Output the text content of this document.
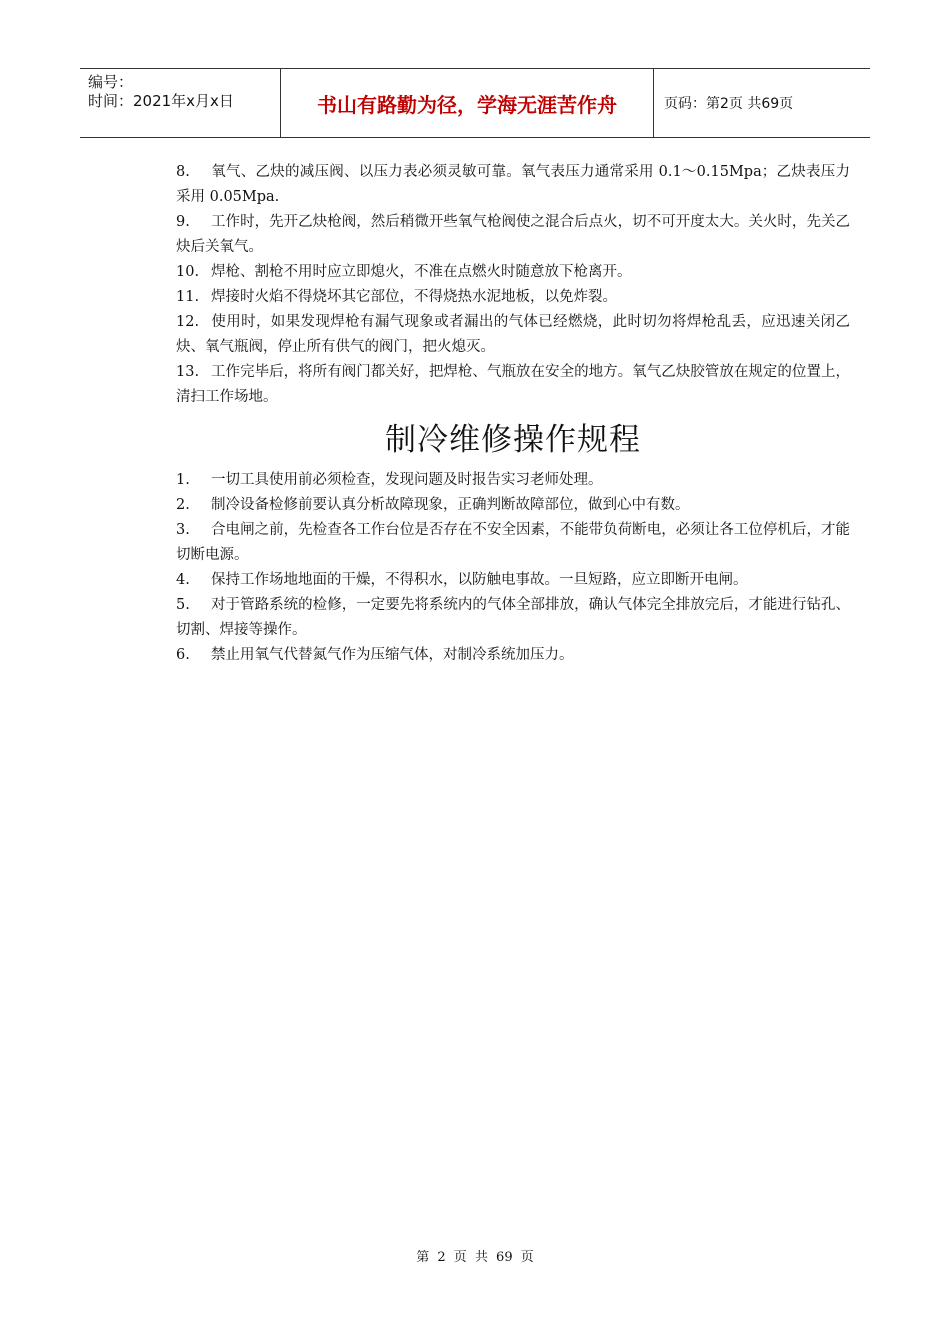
编号：
时间：2021年x月x日	书山有路勤为径，学海无涯苦作舟	页码：第2页 共69页
8. 氧气、乙炔的减压阀、以压力表必须灵敏可靠。氧气表压力通常采用 0.1～0.15Mpa；乙炔表压力采用 0.05Mpa.
9. 工作时，先开乙炔枪阀，然后稍微开些氧气枪阀使之混合后点火，切不可开度太大。关火时，先关乙炔后关氧气。
10. 焊枪、割枪不用时应立即熄火，不准在点燃火时随意放下枪离开。
11. 焊接时火焰不得烧坏其它部位，不得烧热水泥地板，以免炸裂。
12. 使用时，如果发现焊枪有漏气现象或者漏出的气体已经燃烧，此时切勿将焊枪乱丢，应迅速关闭乙炔、氧气瓶阀，停止所有供气的阀门，把火熄灭。
13. 工作完毕后，将所有阀门都关好，把焊枪、气瓶放在安全的地方。氧气乙炔胶管放在规定的位置上，清扫工作场地。
制冷维修操作规程
1. 一切工具使用前必须检查，发现问题及时报告实习老师处理。
2. 制冷设备检修前要认真分析故障现象，正确判断故障部位，做到心中有数。
3. 合电闸之前，先检查各工作台位是否存在不安全因素，不能带负荷断电，必须让各工位停机后，才能切断电源。
4. 保持工作场地地面的干燥，不得积水，以防触电事故。一旦短路，应立即断开电闸。
5. 对于管路系统的检修，一定要先将系统内的气体全部排放，确认气体完全排放完后，才能进行钻孔、切割、焊接等操作。
6. 禁止用氧气代替氮气作为压缩气体，对制冷系统加压力。
第 2 页 共 69 页
